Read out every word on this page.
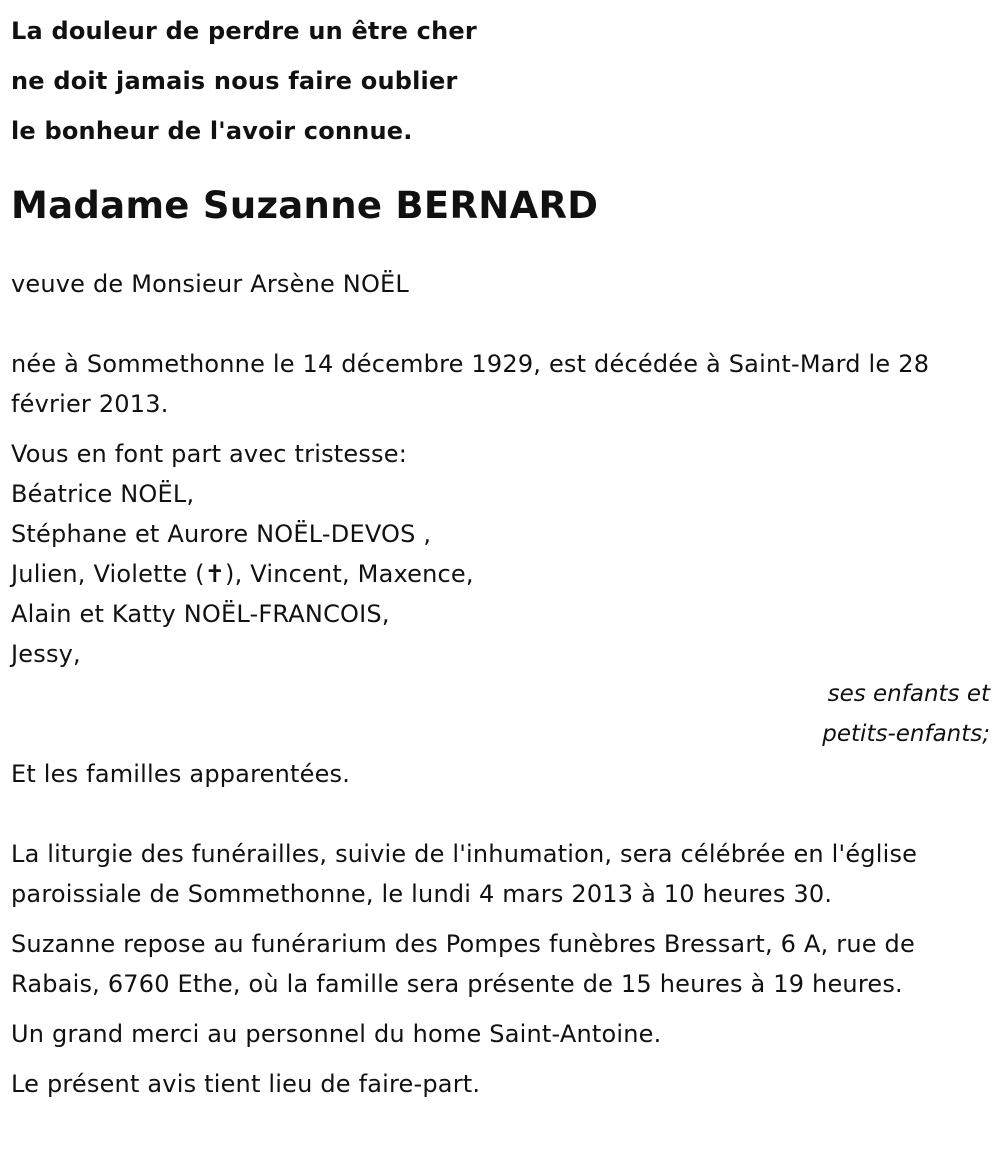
La douleur de perdre un être cher
ne doit jamais nous faire oublier
le bonheur de l'avoir connue.
Madame Suzanne BERNARD

veuve de Monsieur Arsène NOËL

née à Sommethonne le 14 décembre 1929, est décédée à Saint-Mard le 28 février 2013.

Vous en font part avec tristesse:
Béatrice NOËL,
Stéphane et Aurore NOËL-DEVOS ,
Julien, Violette (✝), Vincent, Maxence,
Alain et Katty NOËL-FRANCOIS,
Jessy,
ses enfants et
petits-enfants;

Et les familles apparentées.

La liturgie des funérailles, suivie de l'inhumation, sera célébrée en l'église paroissiale de Sommethonne, le lundi 4 mars 2013 à 10 heures 30.

Suzanne repose au funérarium des Pompes funèbres Bressart, 6 A, rue de Rabais, 6760 Ethe, où la famille sera présente de 15 heures à 19 heures.

Un grand merci au personnel du home Saint-Antoine.

Le présent avis tient lieu de faire-part.
